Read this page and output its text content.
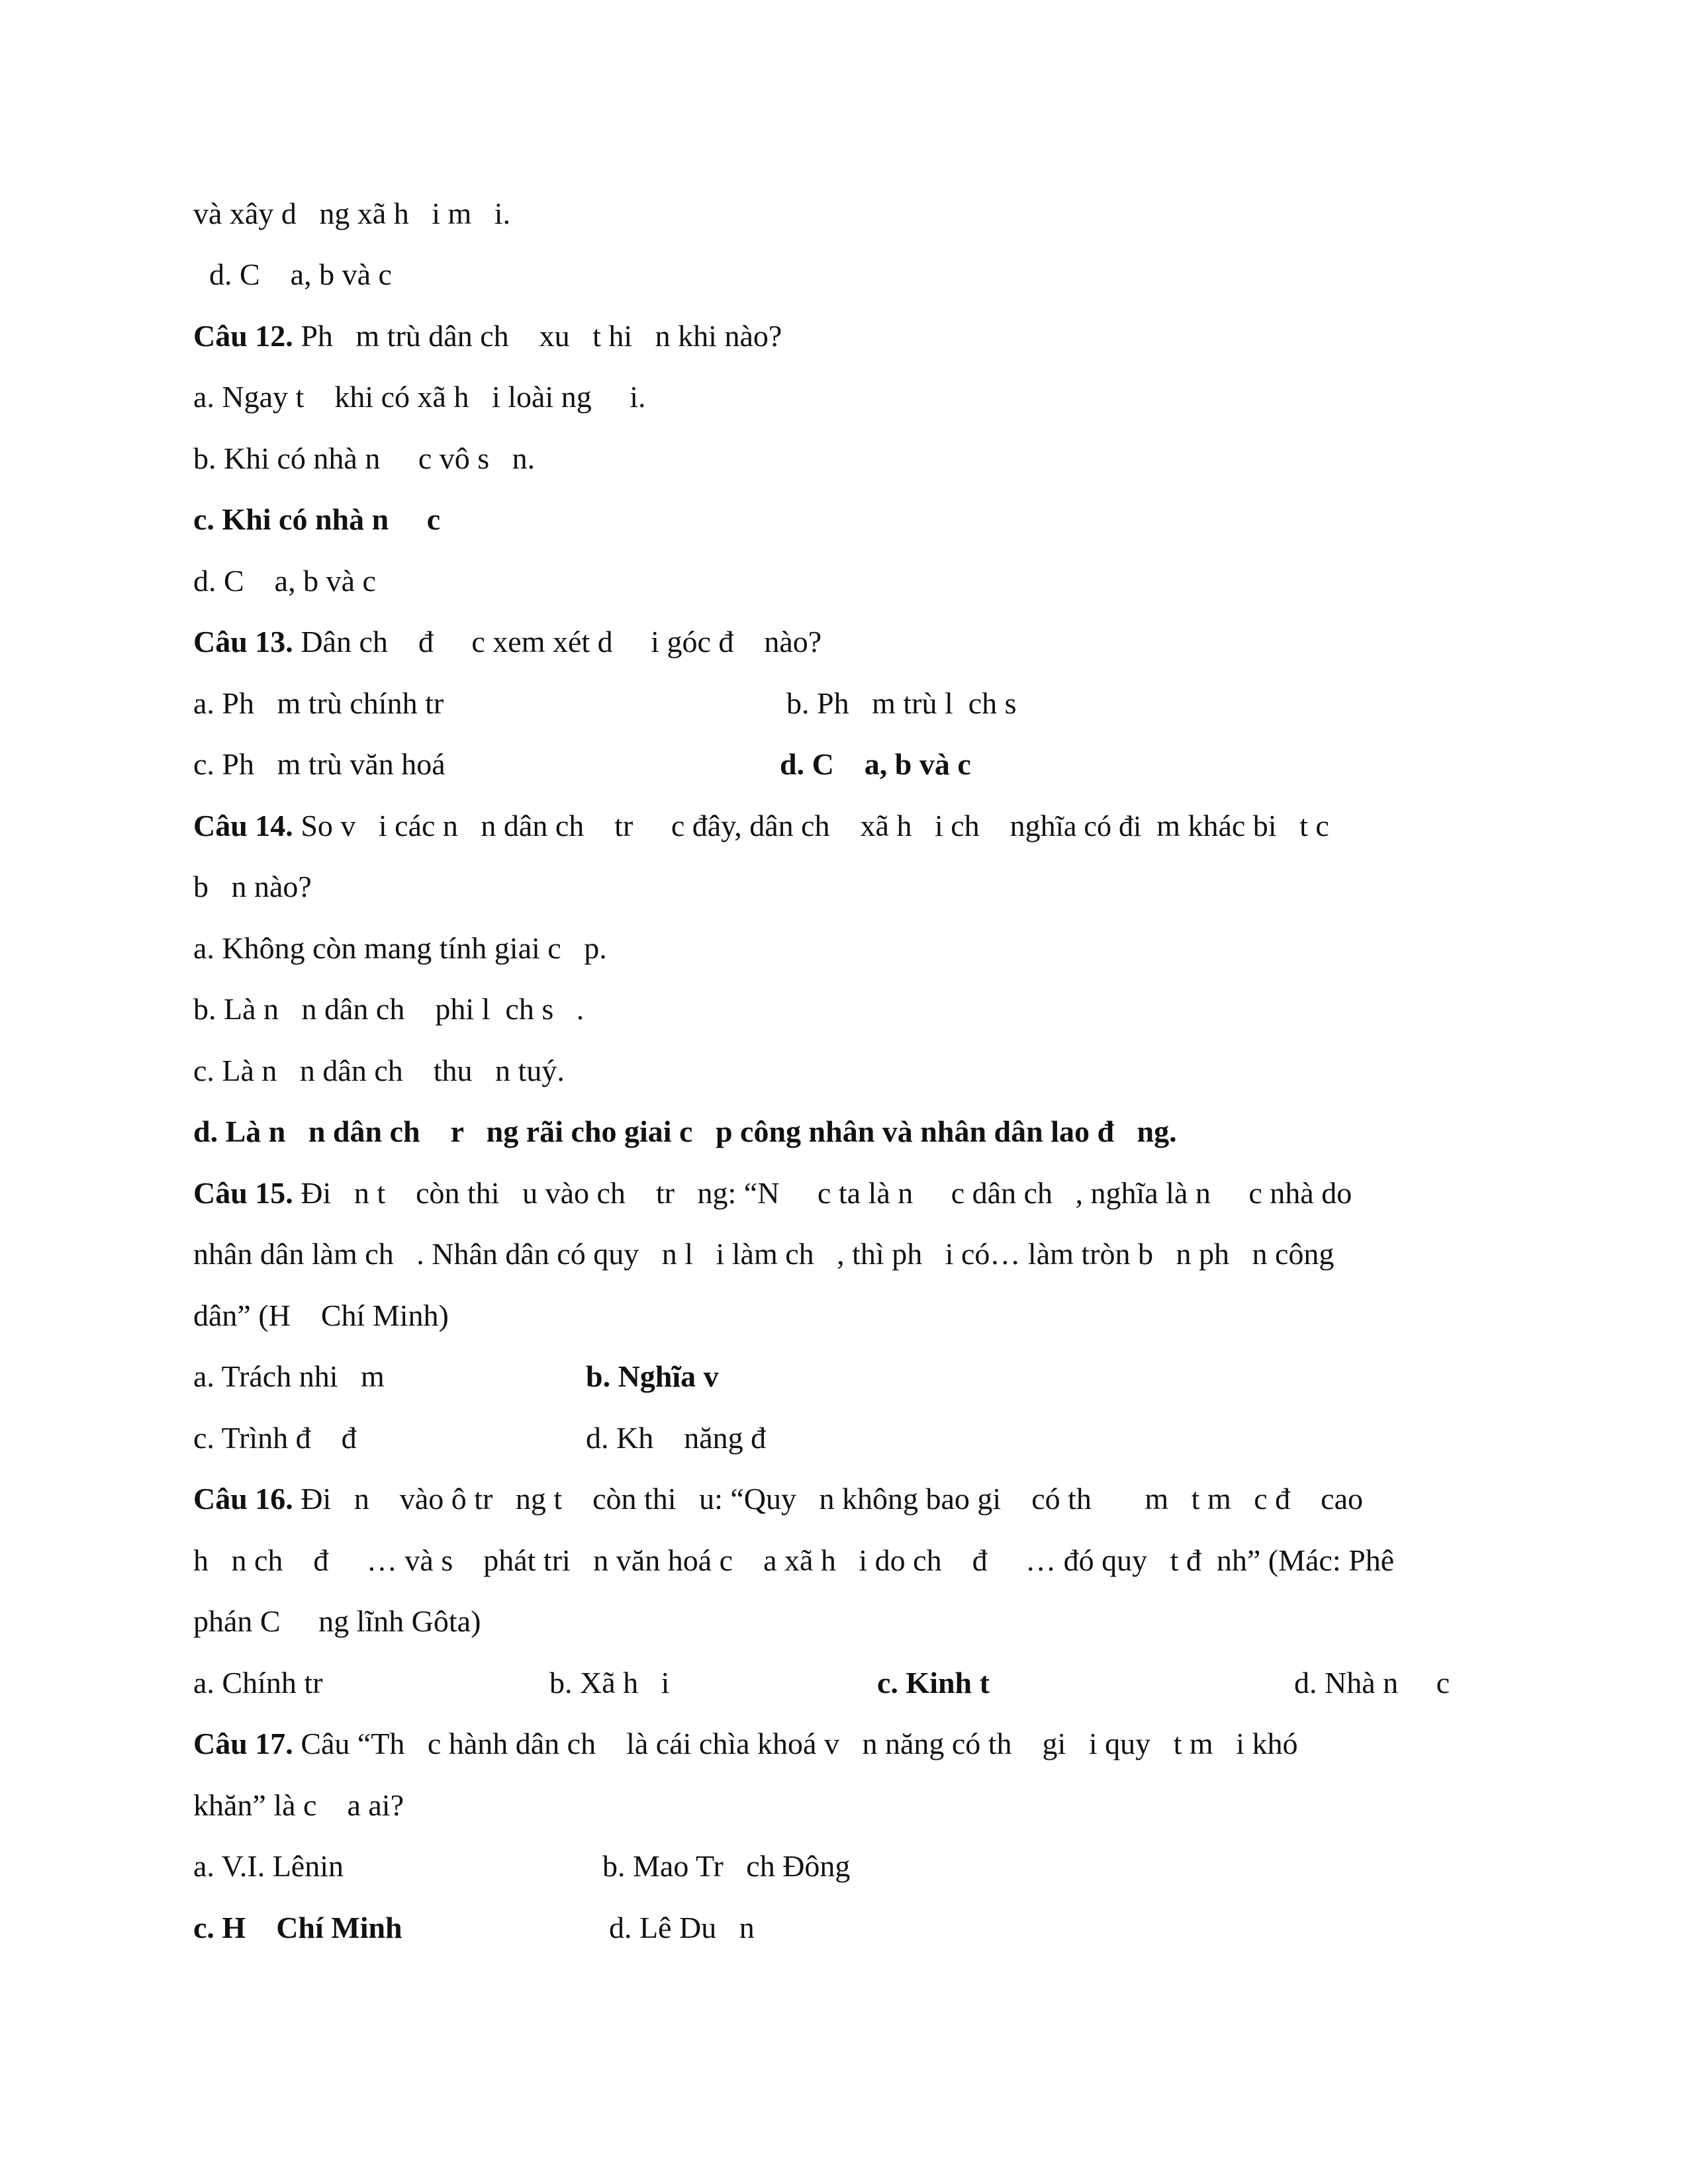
và xây d   ng xã h   i m   i.
d. C    a, b và c
Câu 12. Ph   m trù dân ch    xu   t hi   n khi nào?
a. Ngay t    khi có xã h   i loài ng     i.
b. Khi có nhà n     c vô s   n.
c. Khi có nhà n     c
d. C    a, b và c
Câu 13. Dân ch    đ     c xem xét d     i góc đ    nào?
a. Ph   m trù chính tr	b. Ph   m trù l  ch s
c. Ph   m trù văn hoá	d. C    a, b và c
Câu 14. So v   i các n   n dân ch    tr     c đây, dân ch    xã h   i ch    nghĩa có đi  m khác bi   t c
b   n nào?
a. Không còn mang tính giai c   p.
b. Là n   n dân ch    phi l  ch s   .
c. Là n   n dân ch    thu   n tuý.
d. Là n   n dân ch    r   ng rãi cho giai c   p công nhân và nhân dân lao đ   ng.
Câu 15. Đi   n t    còn thi   u vào ch    tr   ng: “N     c ta là n     c dân ch   , nghĩa là n     c nhà do
nhân dân làm ch   . Nhân dân có quy   n l   i làm ch   , thì ph   i có… làm tròn b   n ph   n công
dân” (H    Chí Minh)
a. Trách nhi   m	b. Nghĩa v
c. Trình đ    đ	d. Kh    năng đ
Câu 16. Đi   n    vào ô tr   ng t    còn thi   u: “Quy   n không bao gi    có th       m   t m   c đ    cao
h   n ch    đ     … và s    phát tri   n văn hoá c    a xã h   i do ch    đ     … đó quy   t đ  nh” (Mác: Phê
phán C     ng lĩnh Gôta)
a. Chính tr	b. Xã h   i	c. Kinh t	d. Nhà n     c
Câu 17. Câu “Th   c hành dân ch    là cái chìa khoá v   n năng có th    gi   i quy   t m   i khó
khăn” là c    a ai?
a. V.I. Lênin	b. Mao Tr   ch Đông
c. H    Chí Minh	d. Lê Du   n
